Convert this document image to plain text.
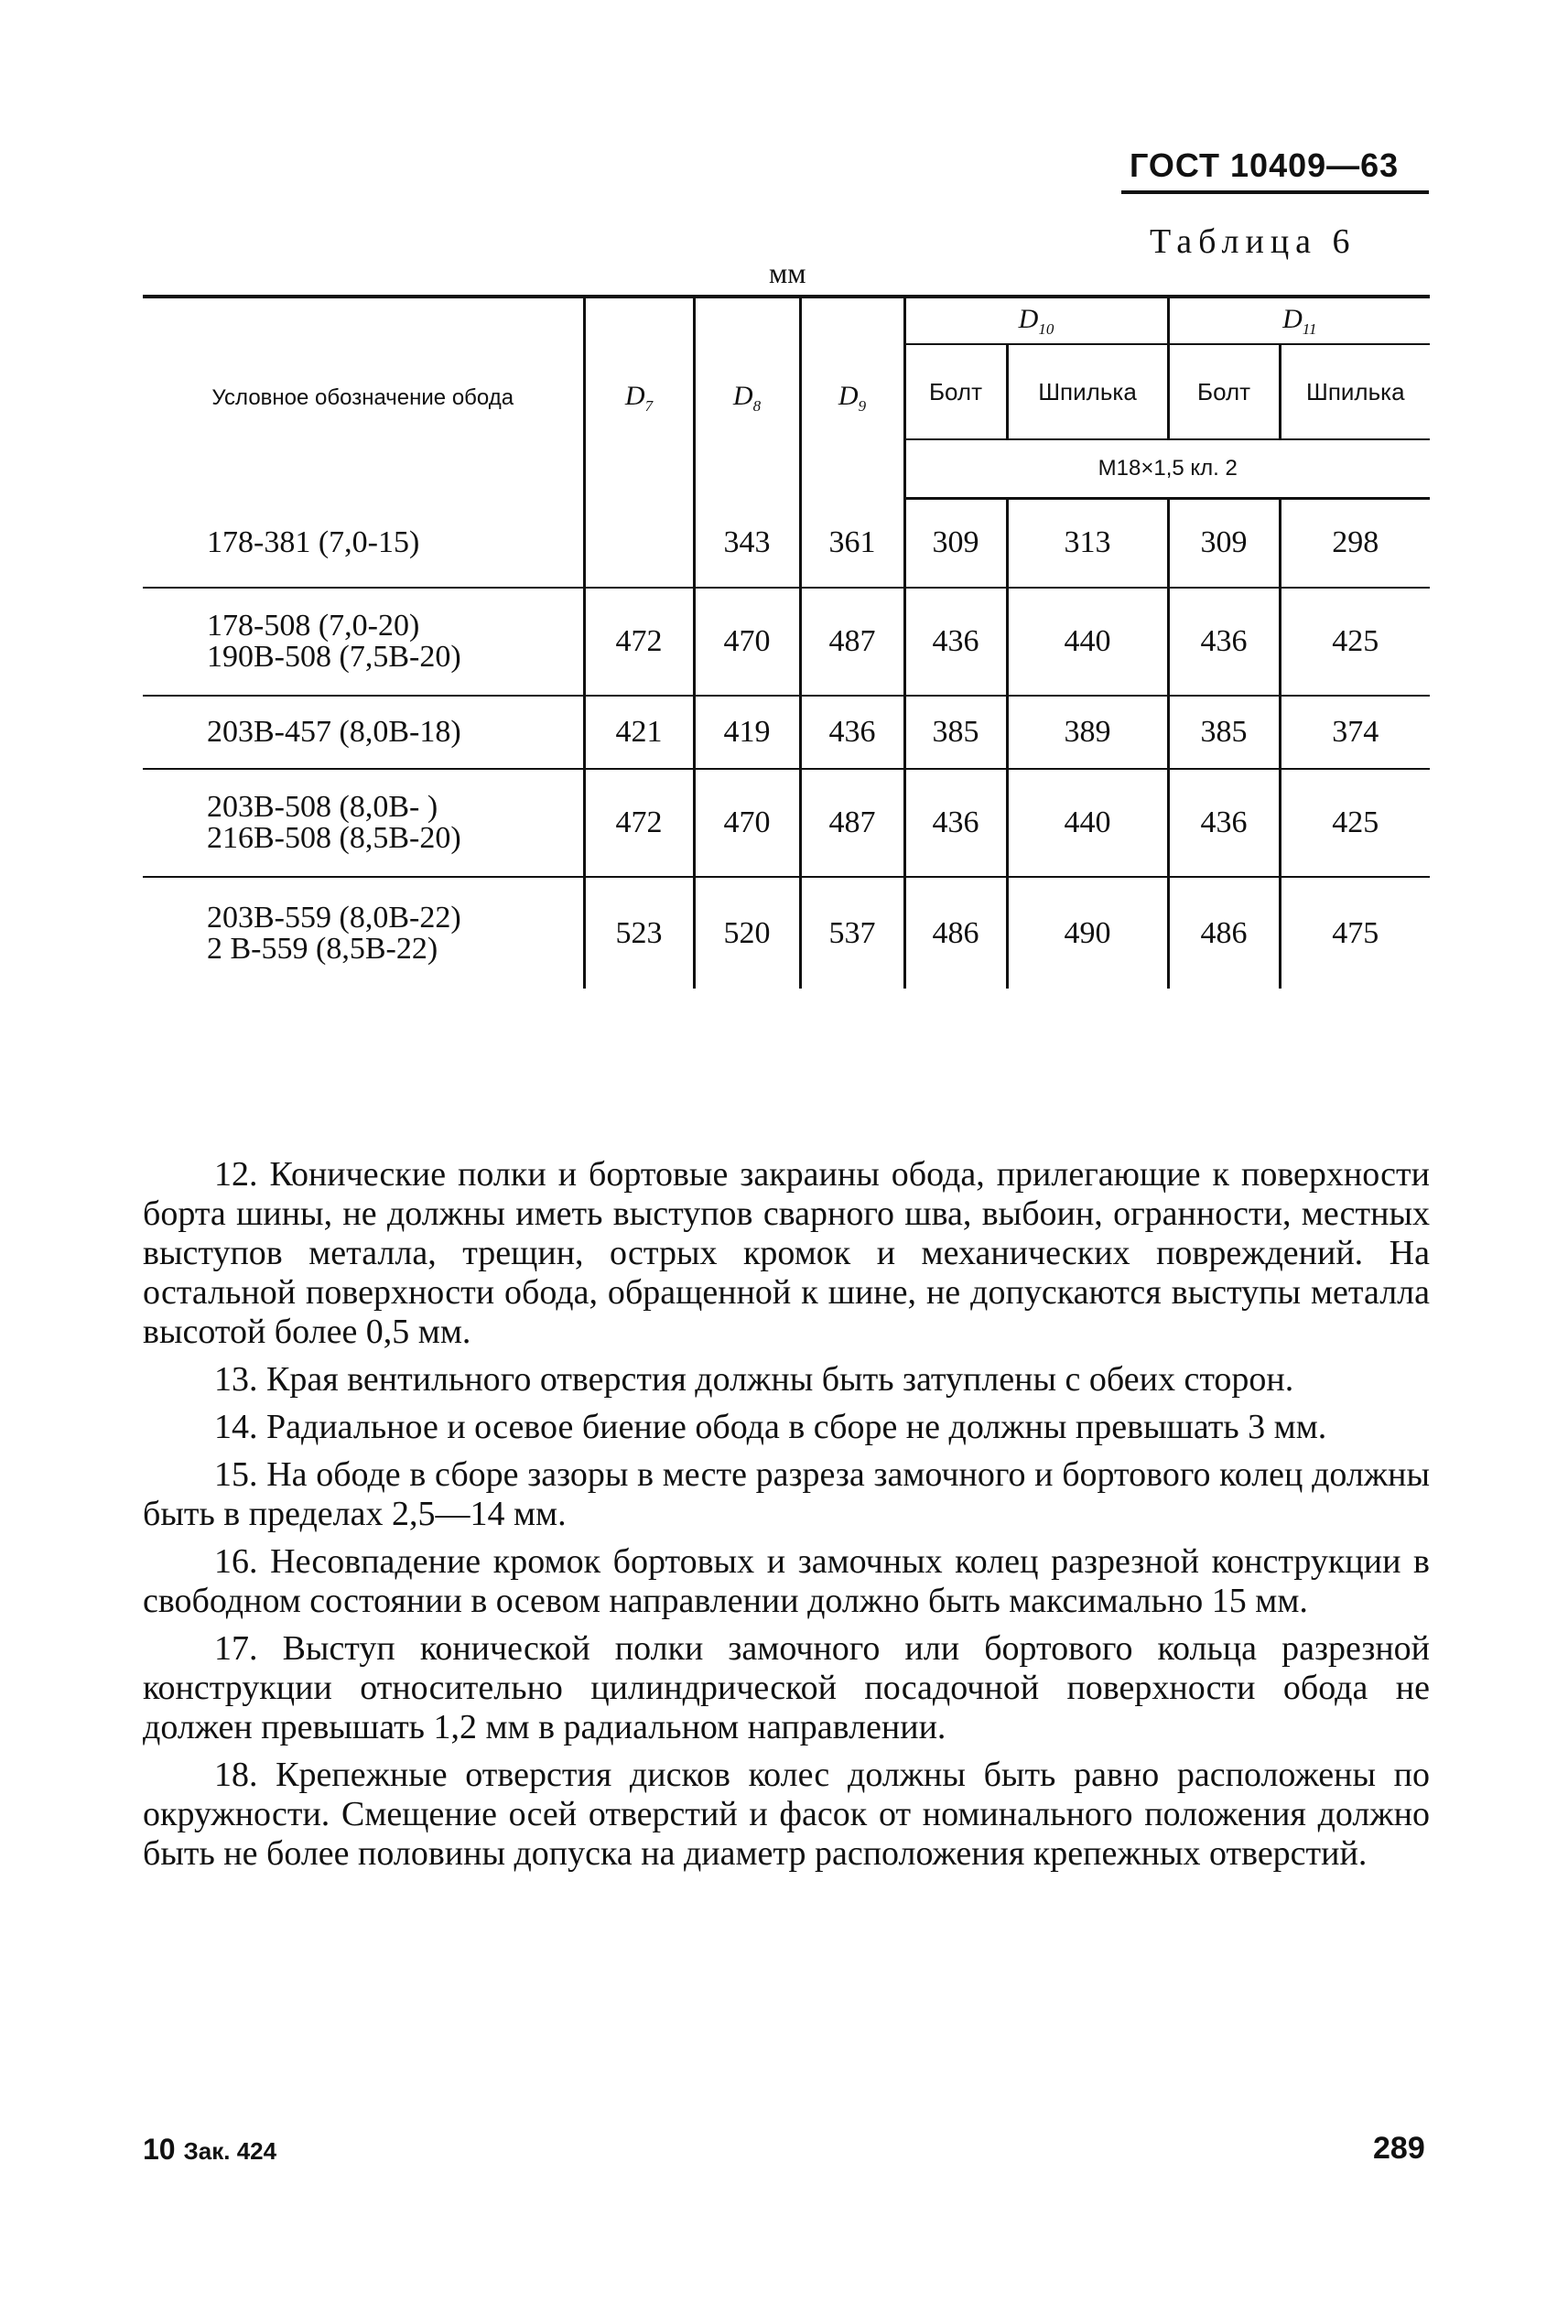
ГОСТ 10409—63
Таблица 6
мм
Условное обозначение обода	$D_7$	$D_8$	$D_9$	$D_{10}$		$D_{11}$
				Болт	Шпилька	Болт	Шпилька
				М18×1,5 кл. 2			

178-381 (7,0-15)		343	361	309	313	309	298

178-508 (7,0-20)
190В-508 (7,5В-20)	472	470	487	436	440	436	425

203В-457 (8,0В-18)	421	419	436	385	389	385	374

203В-508 (8,0В- )
216В-508 (8,5В-20)	472	470	487	436	440	436	425

203В-559 (8,0В-22)
2 В-559 (8,5В-22)	523	520	537	486	490	486	475

12. Конические полки и бортовые закраины обода, прилегающие к поверхности борта шины, не должны иметь выступов сварного шва, выбоин, огранности, местных выступов металла, трещин, острых кромок и механических повреждений. На остальной поверхности обода, обращенной к шине, не допускаются выступы металла высотой более 0,5 мм.

13. Края вентильного отверстия должны быть затуплены с обеих сторон.

14. Радиальное и осевое биение обода в сборе не должны превышать 3 мм.

15. На ободе в сборе зазоры в месте разреза замочного и бортового колец должны быть в пределах 2,5—14 мм.

16. Несовпадение кромок бортовых и замочных колец разрезной конструкции в свободном состоянии в осевом направлении должно быть максимально 15 мм.

17. Выступ конической полки замочного или бортового кольца разрезной конструкции относительно цилиндрической посадочной поверхности обода не должен превышать 1,2 мм в радиальном направлении.

18. Крепежные отверстия дисков колес должны быть равно расположены по окружности. Смещение осей отверстий и фасок от номинального положения должно быть не более половины допуска на диаметр расположения крепежных отверстий.

10 Зак. 424	289
